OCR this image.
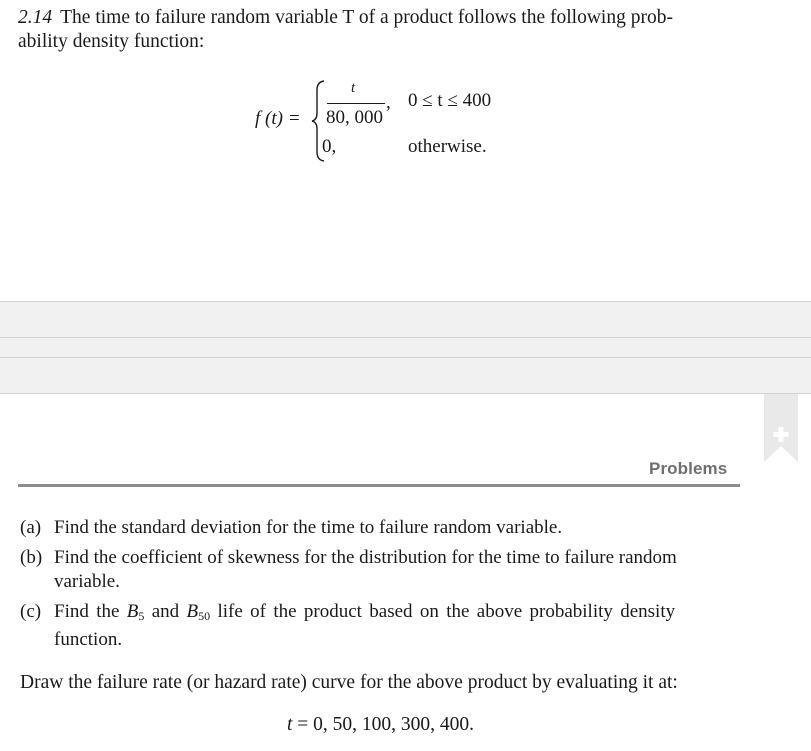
2.14 The time to failure random variable T of a product follows the following prob-
ability density function:
f (t) =
t
80, 000
, 0 ≤ t ≤ 400
0,	otherwise.
Problems
(a) Find the standard deviation for the time to failure random variable.
(b) Find the coefficient of skewness for the distribution for the time to failure random
variable.
(c) Find the $B_5$ and $B_{50}$ life of the product based on the above probability density
function.
Draw the failure rate (or hazard rate) curve for the above product by evaluating it at:
t = 0, 50, 100, 300, 400.
